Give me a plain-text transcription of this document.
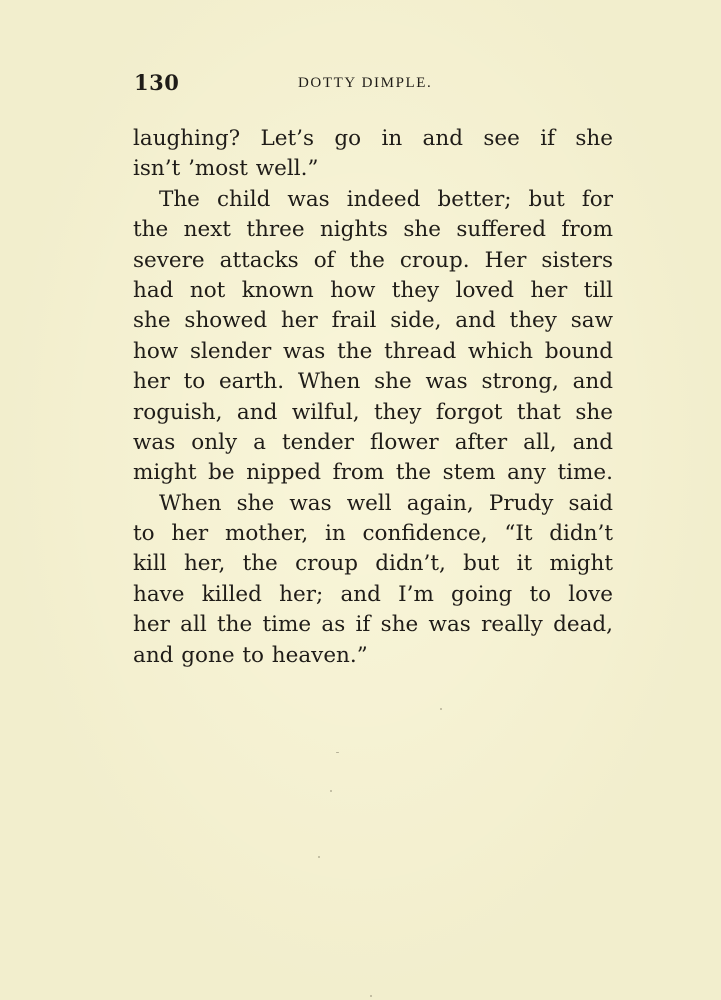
130	DOTTY DIMPLE.
laughing? Let’s go in and see if she
isn’t ’most well.”
The child was indeed better; but for
the next three nights she suffered from
severe attacks of the croup. Her sisters
had not known how they loved her till
she showed her frail side, and they saw
how slender was the thread which bound
her to earth. When she was strong, and
roguish, and wilful, they forgot that she
was only a tender flower after all, and
might be nipped from the stem any time.
When she was well again, Prudy said
to her mother, in confidence, “It didn’t
kill her, the croup didn’t, but it might
have killed her; and I’m going to love
her all the time as if she was really dead,
and gone to heaven.”
